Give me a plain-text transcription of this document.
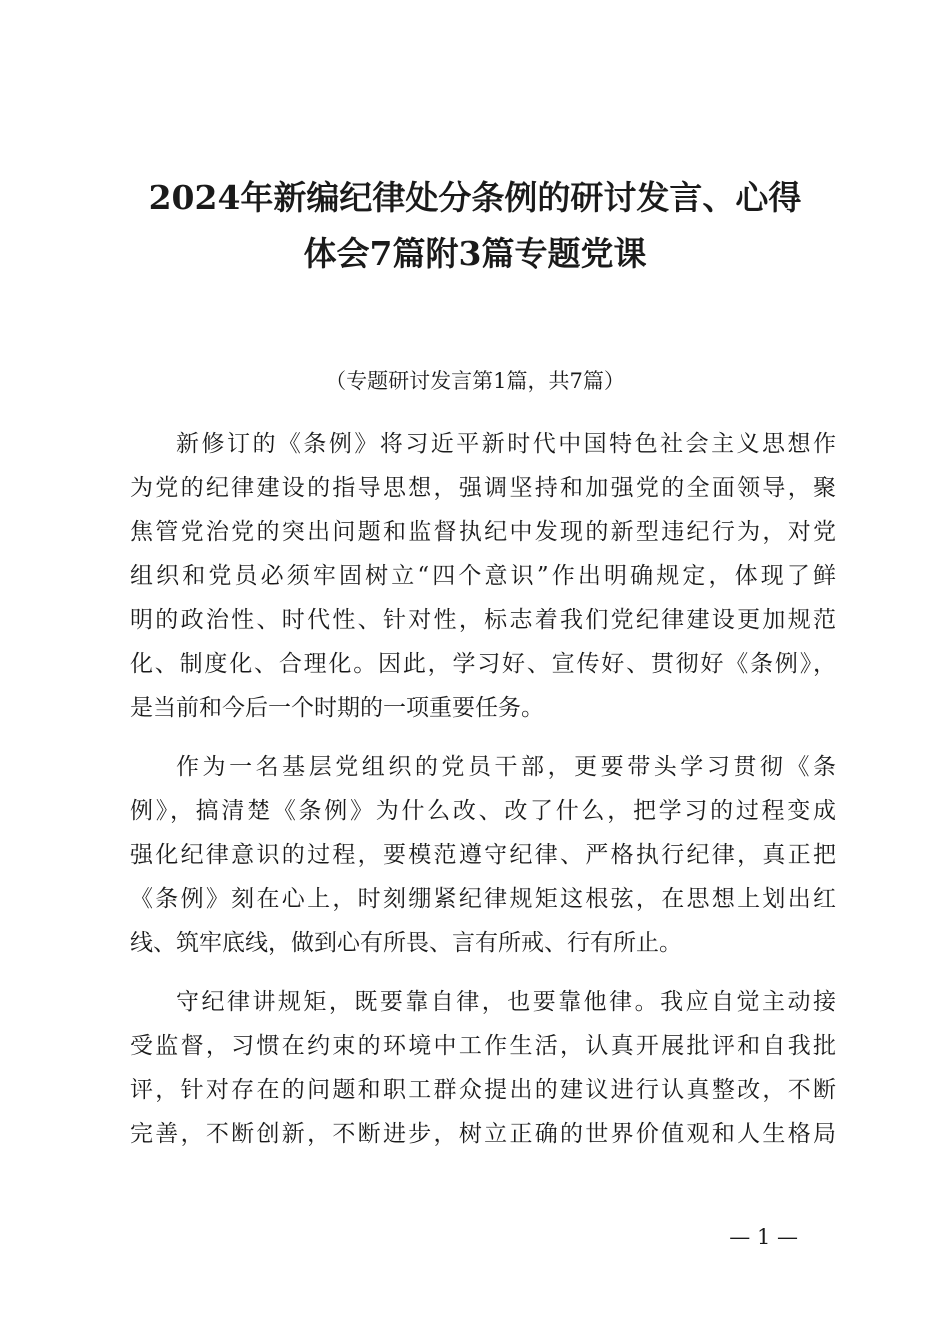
2024年新编纪律处分条例的研讨发言、心得
体会7篇附3篇专题党课

（专题研讨发言第1篇，共7篇）

新修订的《条例》将习近平新时代中国特色社会主义思想作
为党的纪律建设的指导思想，强调坚持和加强党的全面领导，聚
焦管党治党的突出问题和监督执纪中发现的新型违纪行为，对党
组织和党员必须牢固树立“四个意识”作出明确规定，体现了鲜
明的政治性、时代性、针对性，标志着我们党纪律建设更加规范
化、制度化、合理化。因此，学习好、宣传好、贯彻好《条例》，
是当前和今后一个时期的一项重要任务。

作为一名基层党组织的党员干部，更要带头学习贯彻《条
例》，搞清楚《条例》为什么改、改了什么，把学习的过程变成
强化纪律意识的过程，要模范遵守纪律、严格执行纪律，真正把
《条例》刻在心上，时刻绷紧纪律规矩这根弦，在思想上划出红
线、筑牢底线，做到心有所畏、言有所戒、行有所止。

守纪律讲规矩，既要靠自律，也要靠他律。我应自觉主动接
受监督，习惯在约束的环境中工作生活，认真开展批评和自我批
评，针对存在的问题和职工群众提出的建议进行认真整改，不断
完善，不断创新，不断进步，树立正确的世界价值观和人生格局

— 1 —
